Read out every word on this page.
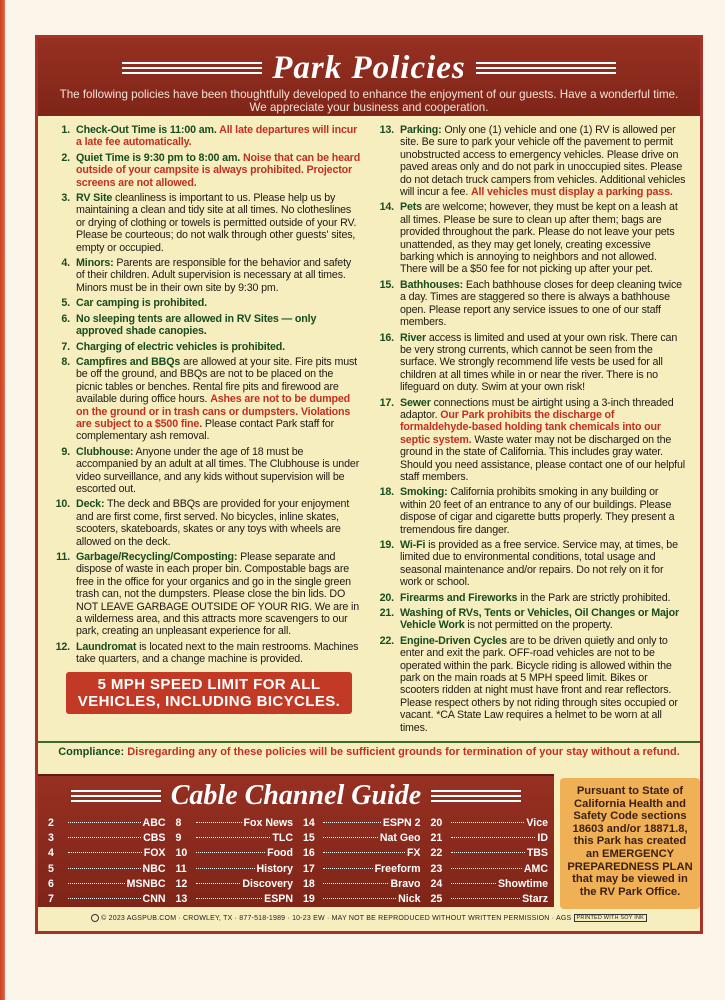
Park Policies
The following policies have been thoughtfully developed to enhance the enjoyment of our guests. Have a wonderful time. We appreciate your business and cooperation.
1. Check-Out Time is 11:00 am. All late departures will incur a late fee automatically.
2. Quiet Time is 9:30 pm to 8:00 am. Noise that can be heard outside of your campsite is always prohibited. Projector screens are not allowed.
3. RV Site cleanliness is important to us. Please help us by maintaining a clean and tidy site at all times. No clotheslines or drying of clothing or towels is permitted outside of your RV. Please be courteous; do not walk through other guests' sites, empty or occupied.
4. Minors: Parents are responsible for the behavior and safety of their children. Adult supervision is necessary at all times. Minors must be in their own site by 9:30 pm.
5. Car camping is prohibited.
6. No sleeping tents are allowed in RV Sites — only approved shade canopies.
7. Charging of electric vehicles is prohibited.
8. Campfires and BBQs are allowed at your site. Fire pits must be off the ground, and BBQs are not to be placed on the picnic tables or benches. Rental fire pits and firewood are available during office hours. Ashes are not to be dumped on the ground or in trash cans or dumpsters. Violations are subject to a $500 fine. Please contact Park staff for complementary ash removal.
9. Clubhouse: Anyone under the age of 18 must be accompanied by an adult at all times. The Clubhouse is under video surveillance, and any kids without supervision will be escorted out.
10. Deck: The deck and BBQs are provided for your enjoyment and are first come, first served. No bicycles, inline skates, scooters, skateboards, skates or any toys with wheels are allowed on the deck.
11. Garbage/Recycling/Composting: Please separate and dispose of waste in each proper bin. Compostable bags are free in the office for your organics and go in the single green trash can, not the dumpsters. Please close the bin lids. DO NOT LEAVE GARBAGE OUTSIDE OF YOUR RIG. We are in a wilderness area, and this attracts more scavengers to our park, creating an unpleasant experience for all.
12. Laundromat is located next to the main restrooms. Machines take quarters, and a change machine is provided.
5 MPH SPEED LIMIT FOR ALL VEHICLES, INCLUDING BICYCLES.
13. Parking: Only one (1) vehicle and one (1) RV is allowed per site. Be sure to park your vehicle off the pavement to permit unobstructed access to emergency vehicles. Please drive on paved areas only and do not park in unoccupied sites. Please do not detach truck campers from vehicles. Additional vehicles will incur a fee. All vehicles must display a parking pass.
14. Pets are welcome; however, they must be kept on a leash at all times. Please be sure to clean up after them; bags are provided throughout the park. Please do not leave your pets unattended, as they may get lonely, creating excessive barking which is annoying to neighbors and not allowed. There will be a $50 fee for not picking up after your pet.
15. Bathhouses: Each bathhouse closes for deep cleaning twice a day. Times are staggered so there is always a bathhouse open. Please report any service issues to one of our staff members.
16. River access is limited and used at your own risk. There can be very strong currents, which cannot be seen from the surface. We strongly recommend life vests be used for all children at all times while in or near the river. There is no lifeguard on duty. Swim at your own risk!
17. Sewer connections must be airtight using a 3-inch threaded adaptor. Our Park prohibits the discharge of formaldehyde-based holding tank chemicals into our septic system. Waste water may not be discharged on the ground in the state of California. This includes gray water. Should you need assistance, please contact one of our helpful staff members.
18. Smoking: California prohibits smoking in any building or within 20 feet of an entrance to any of our buildings. Please dispose of cigar and cigarette butts properly. They present a tremendous fire danger.
19. Wi-Fi is provided as a free service. Service may, at times, be limited due to environmental conditions, total usage and seasonal maintenance and/or repairs. Do not rely on it for work or school.
20. Firearms and Fireworks in the Park are strictly prohibited.
21. Washing of RVs, Tents or Vehicles, Oil Changes or Major Vehicle Work is not permitted on the property.
22. Engine-Driven Cycles are to be driven quietly and only to enter and exit the park. OFF-road vehicles are not to be operated within the park. Bicycle riding is allowed within the park on the main roads at 5 MPH speed limit. Bikes or scooters ridden at night must have front and rear reflectors. Please respect others by not riding through sites occupied or vacant. *CA State Law requires a helmet to be worn at all times.
Compliance: Disregarding any of these policies will be sufficient grounds for termination of your stay without a refund.
Cable Channel Guide
2	ABC
3	CBS
4	FOX
5	NBC
6	MSNBC
7	CNN
8	Fox News
9	TLC
10	Food
11	History
12	Discovery
13	ESPN
14	ESPN 2
15	Nat Geo
16	FX
17	Freeform
18	Bravo
19	Nick
20	Vice
21	ID
22	TBS
23	AMC
24	Showtime
25	Starz
Pursuant to State of California Health and Safety Code sections 18603 and/or 18871.8, this Park has created an EMERGENCY PREPAREDNESS PLAN that may be viewed in the RV Park Office.
© 2023 AGSPUB.COM · CROWLEY, TX · 877-518-1989 · 10-23 EW · MAY NOT BE REPRODUCED WITHOUT WRITTEN PERMISSION · AGS PRINTED WITH SOY INK
